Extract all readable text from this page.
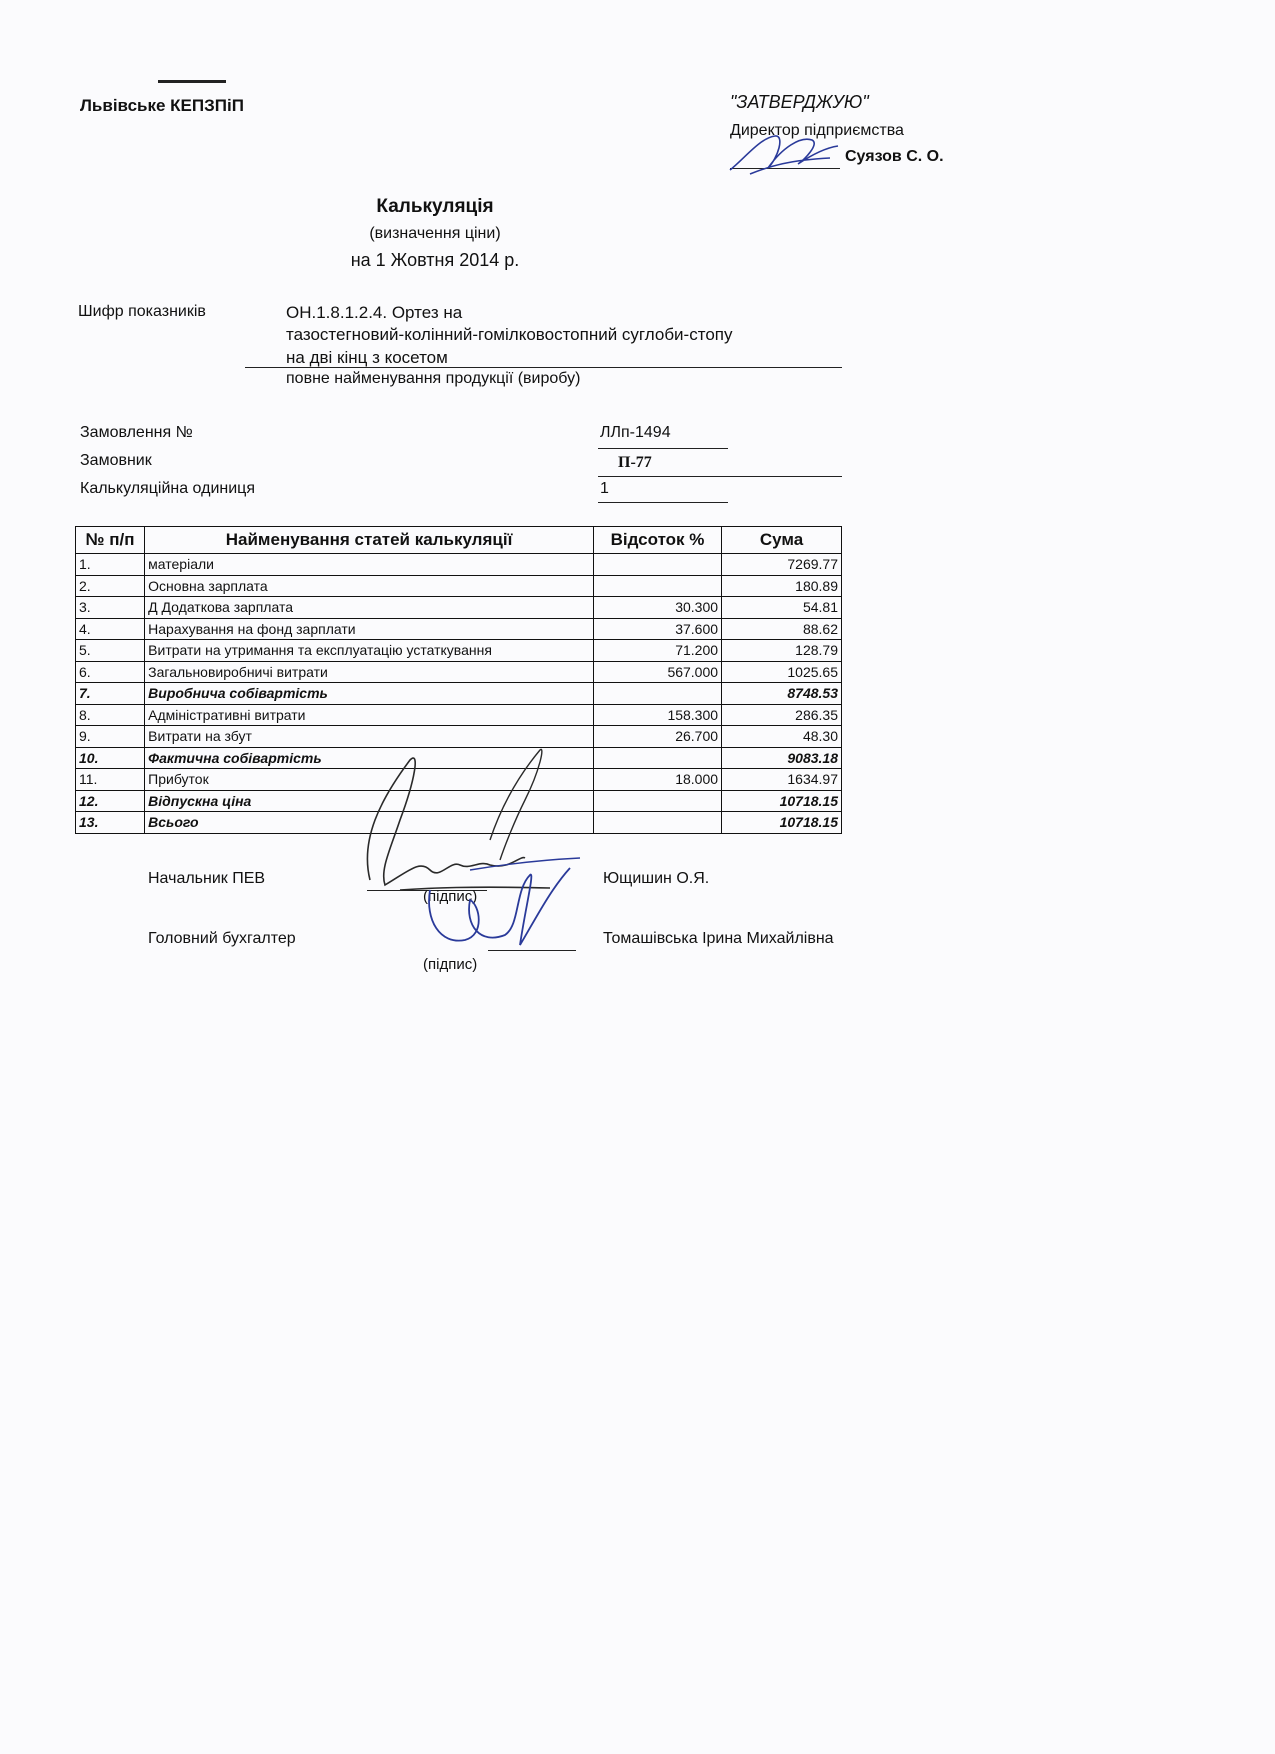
Львівське КЕПЗПіП	"ЗАТВЕРДЖУЮ"
Директор підприємства
Суязов С. О.
Калькуляція
(визначення ціни)
на 1 Жовтня 2014 р.
Шифр показників	ОН.1.8.1.2.4. Ортез на
тазостегновий-колінний-гомілковостопний суглоби-стопу
на дві кінц з косетом
повне найменування продукції (виробу)
Замовлення №	ЛЛп-1494
Замовник	П-77
Калькуляційна одиниця	1
№ п/п	Найменування статей калькуляції	Відсоток %	Сума
1.	матеріали		7269.77
2.	Основна зарплата		180.89
3.	Д Додаткова зарплата	30.300	54.81
4.	Нарахування на фонд зарплати	37.600	88.62
5.	Витрати на утримання та експлуатацію устаткування	71.200	128.79
6.	Загальновиробничі витрати	567.000	1025.65
7.	Виробнича собівартість		8748.53
8.	Адміністративні витрати	158.300	286.35
9.	Витрати на збут	26.700	48.30
10.	Фактична собівартість		9083.18
11.	Прибуток	18.000	1634.97
12.	Відпускна ціна		10718.15
13.	Всього		10718.15
Начальник ПЕВ
(підпис)
Ющишин О.Я.
Головний бухгалтер
(підпис)
Томашівська Ірина Михайлівна
